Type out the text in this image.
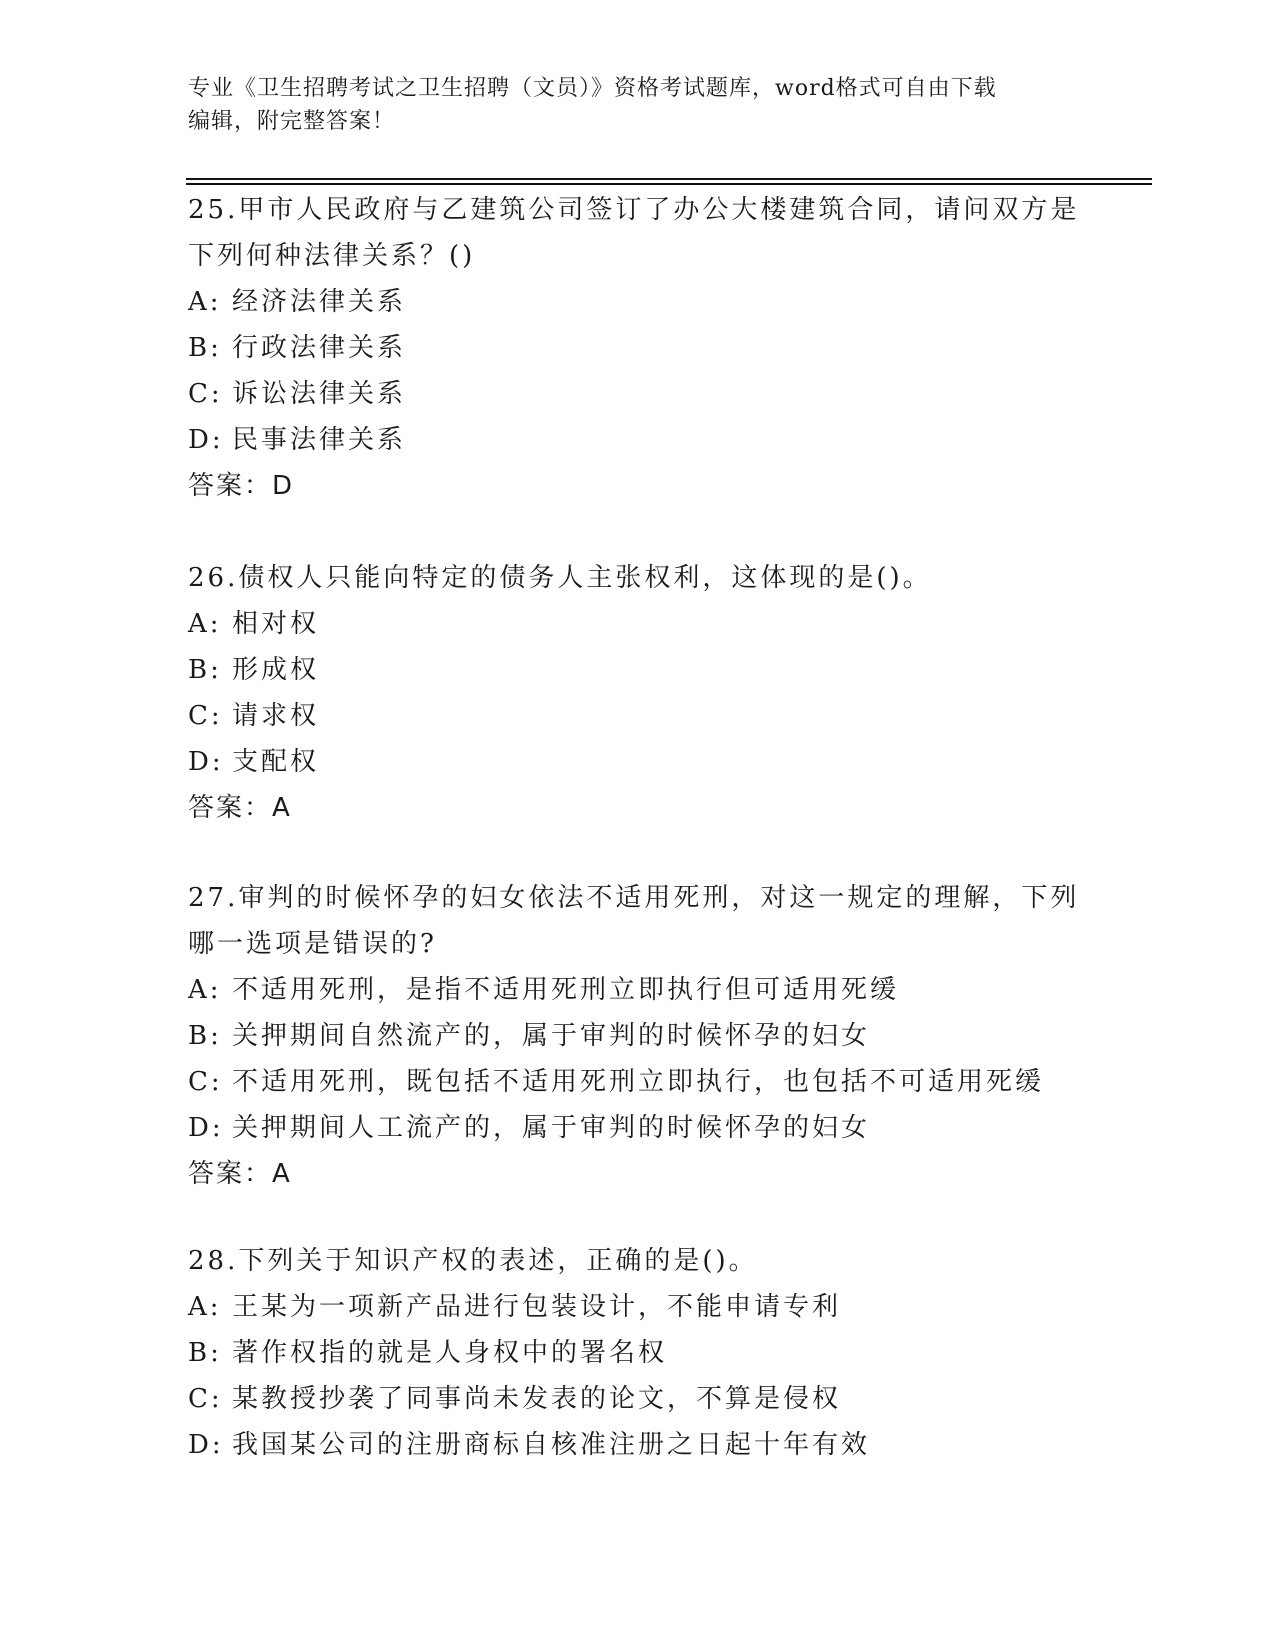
专业《卫生招聘考试之卫生招聘（文员）》资格考试题库，word格式可自由下载
编辑，附完整答案！

25.甲市人民政府与乙建筑公司签订了办公大楼建筑合同，请问双方是

下列何种法律关系？()

A: 经济法律关系

B: 行政法律关系

C: 诉讼法律关系

D: 民事法律关系

答案：D

26.债权人只能向特定的债务人主张权利，这体现的是()。

A: 相对权

B: 形成权

C: 请求权

D: 支配权

答案：A

27.审判的时候怀孕的妇女依法不适用死刑，对这一规定的理解，下列

哪一选项是错误的?

A: 不适用死刑，是指不适用死刑立即执行但可适用死缓

B: 关押期间自然流产的，属于审判的时候怀孕的妇女

C: 不适用死刑，既包括不适用死刑立即执行，也包括不可适用死缓

D: 关押期间人工流产的，属于审判的时候怀孕的妇女

答案：A

28.下列关于知识产权的表述，正确的是()。

A: 王某为一项新产品进行包装设计，不能申请专利

B: 著作权指的就是人身权中的署名权

C: 某教授抄袭了同事尚未发表的论文，不算是侵权

D: 我国某公司的注册商标自核准注册之日起十年有效
